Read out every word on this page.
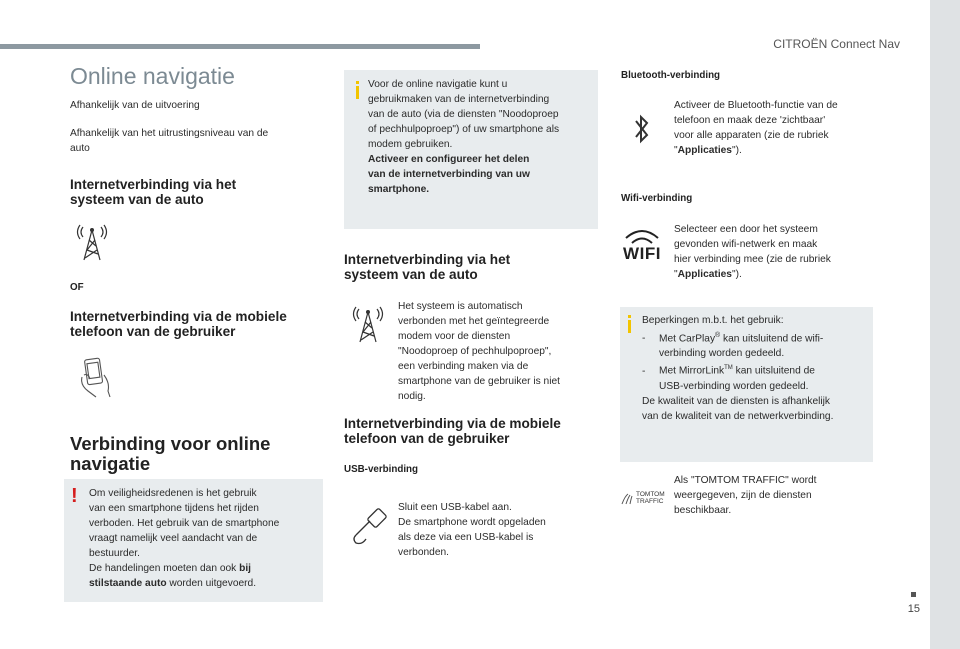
CITROËN Connect Nav
15
Online navigatie
Afhankelijk van de uitvoering
Afhankelijk van het uitrustingsniveau van de
auto
Internetverbinding via het
systeem van de auto
OF
Internetverbinding via de mobiele
telefoon van de gebruiker
Verbinding voor online
navigatie
! Om veiligheidsredenen is het gebruik
van een smartphone tijdens het rijden
verboden. Het gebruik van de smartphone
vraagt namelijk veel aandacht van de
bestuurder.
De handelingen moeten dan ook bij
stilstaande auto worden uitgevoerd.
Voor de online navigatie kunt u
gebruikmaken van de internetverbinding
van de auto (via de diensten "Noodoproep
of pechhulpoproep") of uw smartphone als
modem gebruiken.
Activeer en configureer het delen
van de internetverbinding van uw
smartphone.
Internetverbinding via het
systeem van de auto
Het systeem is automatisch
verbonden met het geïntegreerde
modem voor de diensten
"Noodoproep of pechhulpoproep",
een verbinding maken via de
smartphone van de gebruiker is niet
nodig.
Internetverbinding via de mobiele
telefoon van de gebruiker
USB-verbinding
Sluit een USB-kabel aan.
De smartphone wordt opgeladen
als deze via een USB-kabel is
verbonden.
Bluetooth-verbinding
Activeer de Bluetooth-functie van de
telefoon en maak deze 'zichtbaar'
voor alle apparaten (zie de rubriek
"Applicaties").
Wifi-verbinding
WIFI
Selecteer een door het systeem
gevonden wifi-netwerk en maak
hier verbinding mee (zie de rubriek
"Applicaties").
Beperkingen m.b.t. het gebruik:
- Met CarPlay® kan uitsluitend de wifi-
verbinding worden gedeeld.
- Met MirrorLink™ kan uitsluitend de
USB-verbinding worden gedeeld.
De kwaliteit van de diensten is afhankelijk
van de kwaliteit van de netwerkverbinding.
TOMTOM
TRAFFIC
Als "TOMTOM TRAFFIC" wordt
weergegeven, zijn de diensten
beschikbaar.
